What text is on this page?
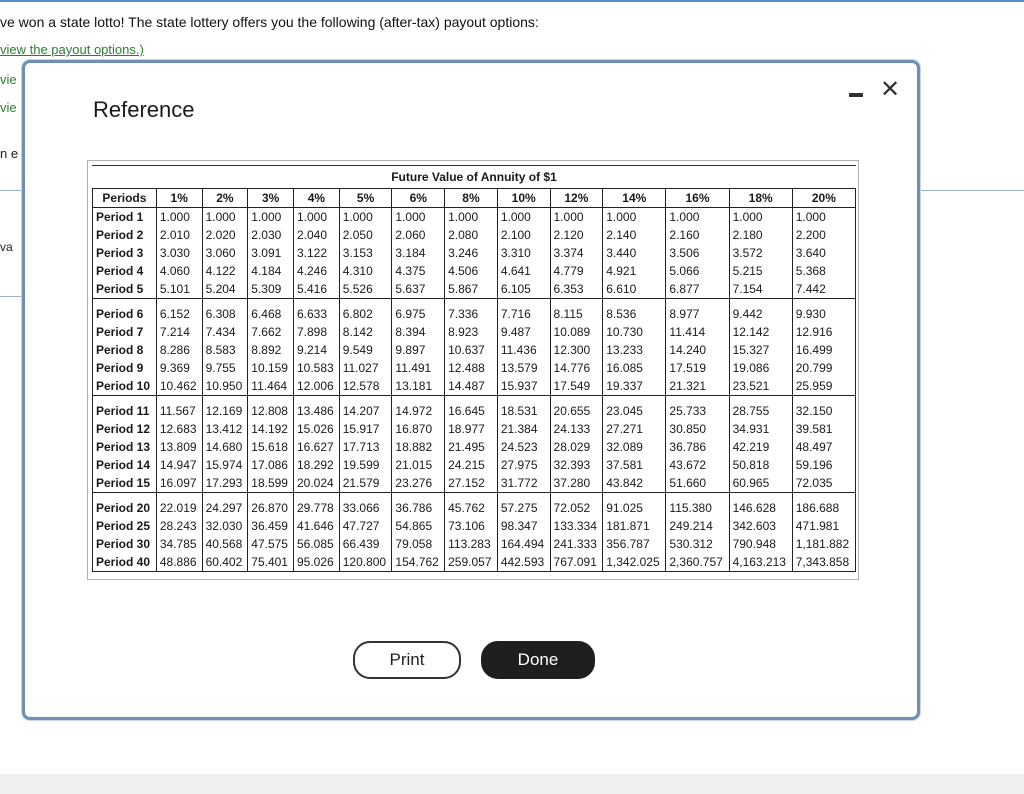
ve won a state lotto! The state lottery offers you the following (after-tax) payout options:
view the payout options.)
vie
vie
n e
va
Reference
✕
Future Value of Annuity of $1
Periods	1%	2%	3%	4%	5%	6%	8%	10%	12%	14%	16%	18%	20%
Period 1	1.000	1.000	1.000	1.000	1.000	1.000	1.000	1.000	1.000	1.000	1.000	1.000	1.000
Period 2	2.010	2.020	2.030	2.040	2.050	2.060	2.080	2.100	2.120	2.140	2.160	2.180	2.200
Period 3	3.030	3.060	3.091	3.122	3.153	3.184	3.246	3.310	3.374	3.440	3.506	3.572	3.640
Period 4	4.060	4.122	4.184	4.246	4.310	4.375	4.506	4.641	4.779	4.921	5.066	5.215	5.368
Period 5	5.101	5.204	5.309	5.416	5.526	5.637	5.867	6.105	6.353	6.610	6.877	7.154	7.442

Period 6	6.152	6.308	6.468	6.633	6.802	6.975	7.336	7.716	8.115	8.536	8.977	9.442	9.930
Period 7	7.214	7.434	7.662	7.898	8.142	8.394	8.923	9.487	10.089	10.730	11.414	12.142	12.916
Period 8	8.286	8.583	8.892	9.214	9.549	9.897	10.637	11.436	12.300	13.233	14.240	15.327	16.499
Period 9	9.369	9.755	10.159	10.583	11.027	11.491	12.488	13.579	14.776	16.085	17.519	19.086	20.799
Period 10	10.462	10.950	11.464	12.006	12.578	13.181	14.487	15.937	17.549	19.337	21.321	23.521	25.959

Period 11	11.567	12.169	12.808	13.486	14.207	14.972	16.645	18.531	20.655	23.045	25.733	28.755	32.150
Period 12	12.683	13.412	14.192	15.026	15.917	16.870	18.977	21.384	24.133	27.271	30.850	34.931	39.581
Period 13	13.809	14.680	15.618	16.627	17.713	18.882	21.495	24.523	28.029	32.089	36.786	42.219	48.497
Period 14	14.947	15.974	17.086	18.292	19.599	21.015	24.215	27.975	32.393	37.581	43.672	50.818	59.196
Period 15	16.097	17.293	18.599	20.024	21.579	23.276	27.152	31.772	37.280	43.842	51.660	60.965	72.035

Period 20	22.019	24.297	26.870	29.778	33.066	36.786	45.762	57.275	72.052	91.025	115.380	146.628	186.688
Period 25	28.243	32.030	36.459	41.646	47.727	54.865	73.106	98.347	133.334	181.871	249.214	342.603	471.981
Period 30	34.785	40.568	47.575	56.085	66.439	79.058	113.283	164.494	241.333	356.787	530.312	790.948	1,181.882
Period 40	48.886	60.402	75.401	95.026	120.800	154.762	259.057	442.593	767.091	1,342.025	2,360.757	4,163.213	7,343.858
Print	Done
